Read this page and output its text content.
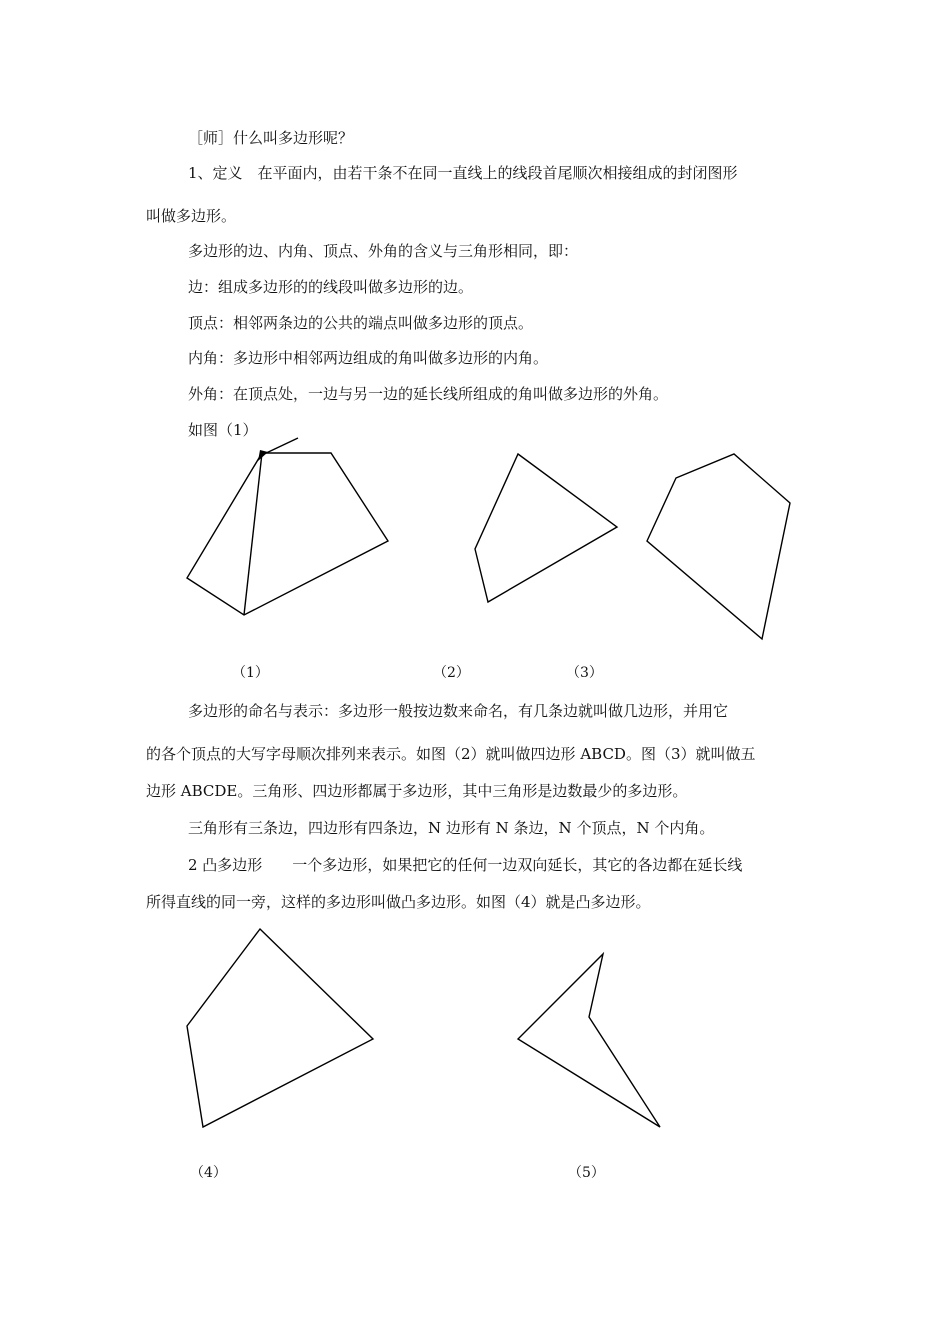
［师］什么叫多边形呢？
1、定义　在平面内，由若干条不在同一直线上的线段首尾顺次相接组成的封闭图形
叫做多边形。
多边形的边、内角、顶点、外角的含义与三角形相同，即：
边：组成多边形的的线段叫做多边形的边。
顶点：相邻两条边的公共的端点叫做多边形的顶点。
内角：多边形中相邻两边组成的角叫做多边形的内角。
外角：在顶点处，一边与另一边的延长线所组成的角叫做多边形的外角。
如图（1）
（1）	（2）	（3）
多边形的命名与表示：多边形一般按边数来命名，有几条边就叫做几边形，并用它
的各个顶点的大写字母顺次排列来表示。如图（2）就叫做四边形 ABCD。图（3）就叫做五
边形 ABCDE。三角形、四边形都属于多边形，其中三角形是边数最少的多边形。
三角形有三条边，四边形有四条边，N 边形有 N 条边，N 个顶点，N 个内角。
2 凸多边形　　一个多边形，如果把它的任何一边双向延长，其它的各边都在延长线
所得直线的同一旁，这样的多边形叫做凸多边形。如图（4）就是凸多边形。
（4）	（5）
